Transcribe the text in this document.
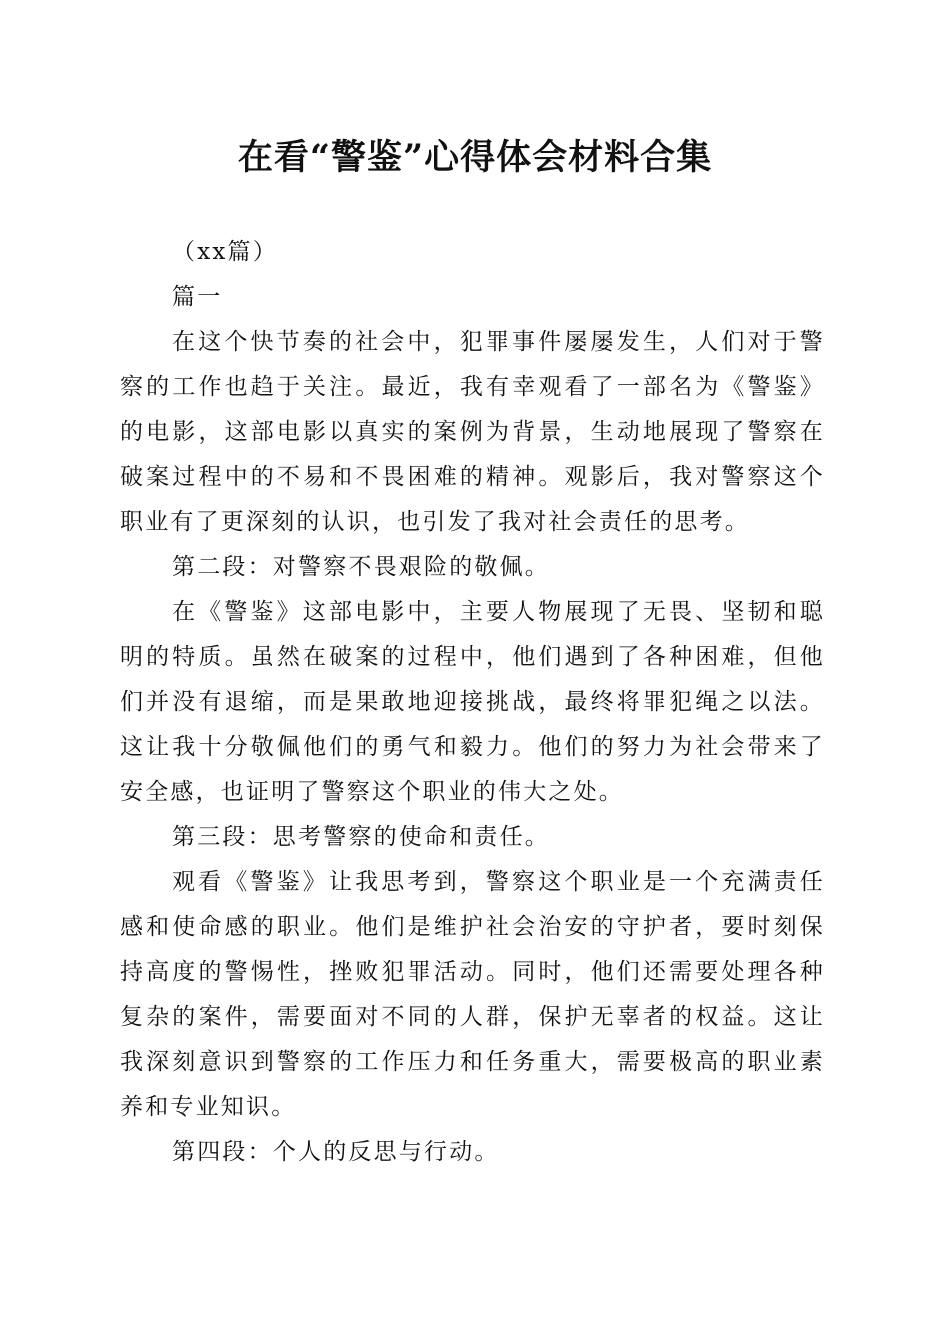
在看“警鉴”心得体会材料合集

（xx篇）

篇一

在这个快节奏的社会中，犯罪事件屡屡发生，人们对于警察的工作也趋于关注。最近，我有幸观看了一部名为《警鉴》的电影，这部电影以真实的案例为背景，生动地展现了警察在破案过程中的不易和不畏困难的精神。观影后，我对警察这个职业有了更深刻的认识，也引发了我对社会责任的思考。

第二段：对警察不畏艰险的敬佩。

在《警鉴》这部电影中，主要人物展现了无畏、坚韧和聪明的特质。虽然在破案的过程中，他们遇到了各种困难，但他们并没有退缩，而是果敢地迎接挑战，最终将罪犯绳之以法。这让我十分敬佩他们的勇气和毅力。他们的努力为社会带来了安全感，也证明了警察这个职业的伟大之处。

第三段：思考警察的使命和责任。

观看《警鉴》让我思考到，警察这个职业是一个充满责任感和使命感的职业。他们是维护社会治安的守护者，要时刻保持高度的警惕性，挫败犯罪活动。同时，他们还需要处理各种复杂的案件，需要面对不同的人群，保护无辜者的权益。这让我深刻意识到警察的工作压力和任务重大，需要极高的职业素养和专业知识。

第四段：个人的反思与行动。
